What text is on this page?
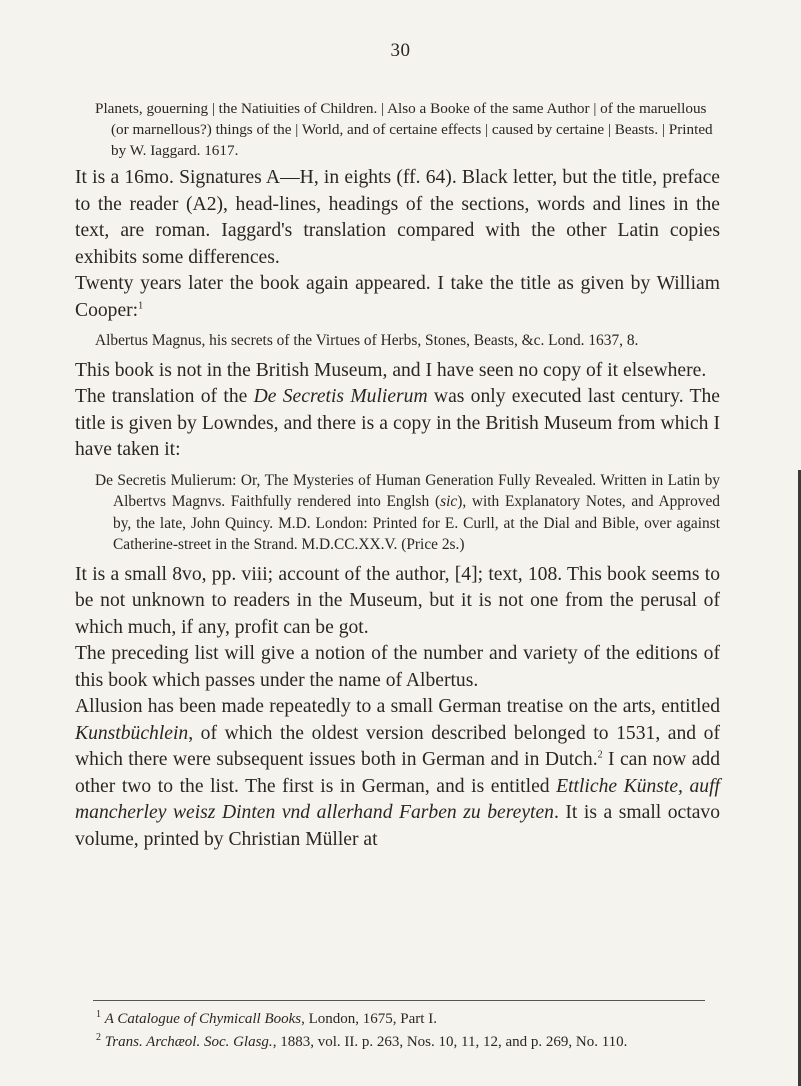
30

Planets, gouerning | the Natiuities of Children. | Also a Booke of the same Author | of the maruellous (or marnellous?) things of the | World, and of certaine effects | caused by certaine | Beasts. | Printed by W. Iaggard. 1617.

It is a 16mo. Signatures A—H, in eights (ff. 64). Black letter, but the title, preface to the reader (A2), head-lines, headings of the sections, words and lines in the text, are roman. Iaggard's translation compared with the other Latin copies exhibits some differences.

Twenty years later the book again appeared. I take the title as given by William Cooper:$^1$

Albertus Magnus, his secrets of the Virtues of Herbs, Stones, Beasts, &c. Lond. 1637, 8.

This book is not in the British Museum, and I have seen no copy of it elsewhere.

The translation of the De Secretis Mulierum was only executed last century. The title is given by Lowndes, and there is a copy in the British Museum from which I have taken it:

De Secretis Mulierum: Or, The Mysteries of Human Generation Fully Revealed. Written in Latin by Albertvs Magnvs. Faithfully rendered into Englsh (sic), with Explanatory Notes, and Approved by, the late, John Quincy. M.D. London: Printed for E. Curll, at the Dial and Bible, over against Catherine-street in the Strand. M.D.CC.XX.V. (Price 2s.)

It is a small 8vo, pp. viii; account of the author, [4]; text, 108. This book seems to be not unknown to readers in the Museum, but it is not one from the perusal of which much, if any, profit can be got.

The preceding list will give a notion of the number and variety of the editions of this book which passes under the name of Albertus.

Allusion has been made repeatedly to a small German treatise on the arts, entitled Kunstbüchlein, of which the oldest version described belonged to 1531, and of which there were subsequent issues both in German and in Dutch.$^2$ I can now add other two to the list. The first is in German, and is entitled Ettliche Künste, auff mancherley weisz Dinten vnd allerhand Farben zu bereyten. It is a small octavo volume, printed by Christian Müller at

$^1$ A Catalogue of Chymicall Books, London, 1675, Part I.

$^2$ Trans. Archæol. Soc. Glasg., 1883, vol. II. p. 263, Nos. 10, 11, 12, and p. 269, No. 110.
